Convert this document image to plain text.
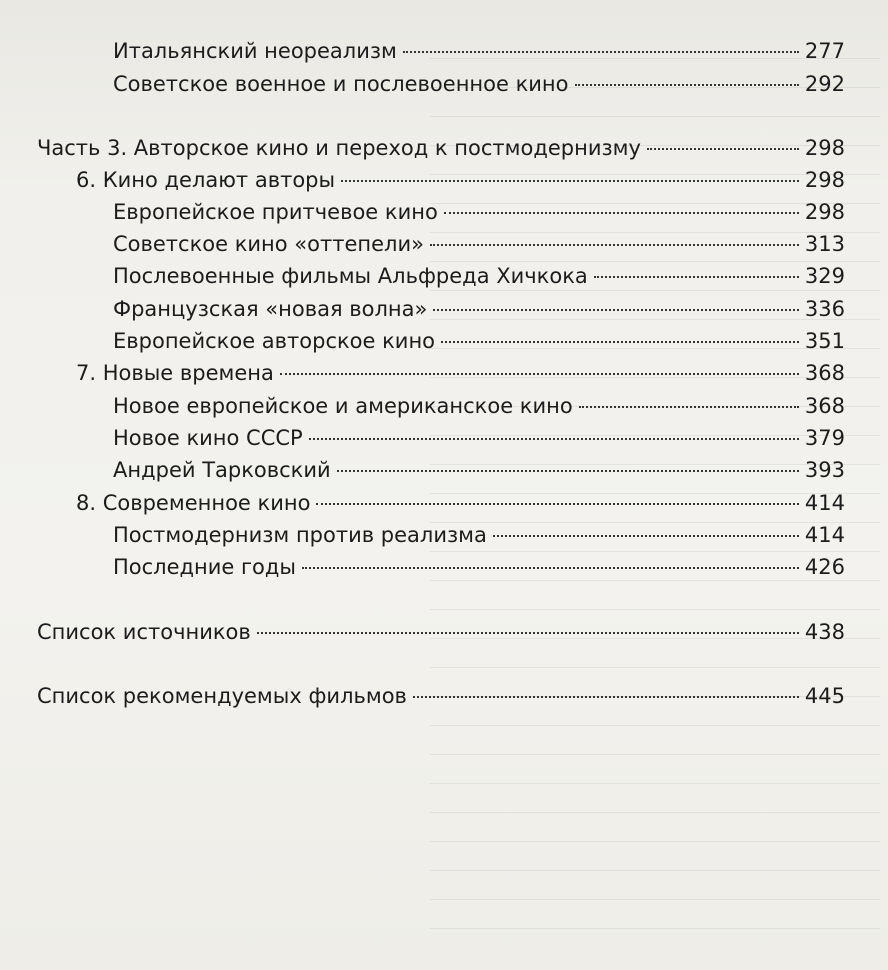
Итальянский неореализм	277
Советское военное и послевоенное кино	292
Часть 3. Авторское кино и переход к постмодернизму	298
6. Кино делают авторы	298
Европейское притчевое кино	298
Советское кино «оттепели»	313
Послевоенные фильмы Альфреда Хичкока	329
Французская «новая волна»	336
Европейское авторское кино	351
7. Новые времена	368
Новое европейское и американское кино	368
Новое кино СССР	379
Андрей Тарковский	393
8. Современное кино	414
Постмодернизм против реализма	414
Последние годы	426
Список источников	438
Список рекомендуемых фильмов	445
